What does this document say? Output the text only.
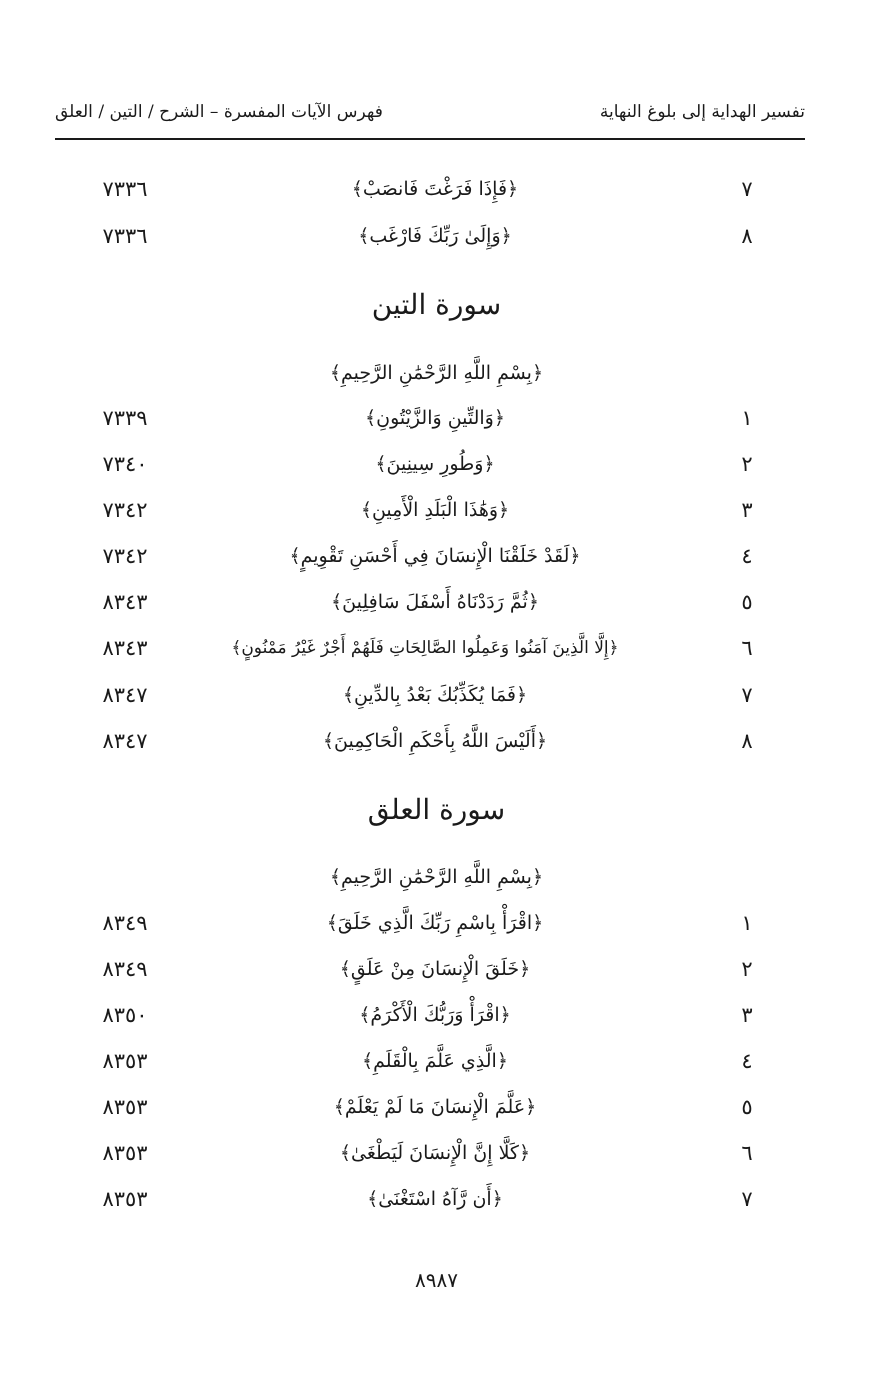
تفسير الهداية إلى بلوغ النهاية
فهرس الآيات المفسرة – الشرح / التين / العلق
٧
﴿فَإِذَا فَرَغْتَ فَانصَبْ﴾
٧٣٣٦
٨
﴿وَإِلَىٰ رَبِّكَ فَارْغَب﴾
٧٣٣٦
سورة التين
﴿بِسْمِ اللَّهِ الرَّحْمَٰنِ الرَّحِيمِ﴾
١
﴿وَالتِّينِ وَالزَّيْتُونِ﴾
٧٣٣٩
٢
﴿وَطُورِ سِينِينَ﴾
٧٣٤٠
٣
﴿وَهَٰذَا الْبَلَدِ الْأَمِينِ﴾
٧٣٤٢
٤
﴿لَقَدْ خَلَقْنَا الْإِنسَانَ فِي أَحْسَنِ تَقْوِيمٍ﴾
٧٣٤٢
٥
﴿ثُمَّ رَدَدْنَاهُ أَسْفَلَ سَافِلِينَ﴾
٨٣٤٣
٦
﴿إِلَّا الَّذِينَ آمَنُوا وَعَمِلُوا الصَّالِحَاتِ فَلَهُمْ أَجْرٌ غَيْرُ مَمْنُونٍ﴾
٨٣٤٣
٧
﴿فَمَا يُكَذِّبُكَ بَعْدُ بِالدِّينِ﴾
٨٣٤٧
٨
﴿أَلَيْسَ اللَّهُ بِأَحْكَمِ الْحَاكِمِينَ﴾
٨٣٤٧
سورة العلق
﴿بِسْمِ اللَّهِ الرَّحْمَٰنِ الرَّحِيمِ﴾
١
﴿اقْرَأْ بِاسْمِ رَبِّكَ الَّذِي خَلَقَ﴾
٨٣٤٩
٢
﴿خَلَقَ الْإِنسَانَ مِنْ عَلَقٍ﴾
٨٣٤٩
٣
﴿اقْرَأْ وَرَبُّكَ الْأَكْرَمُ﴾
٨٣٥٠
٤
﴿الَّذِي عَلَّمَ بِالْقَلَمِ﴾
٨٣٥٣
٥
﴿عَلَّمَ الْإِنسَانَ مَا لَمْ يَعْلَمْ﴾
٨٣٥٣
٦
﴿كَلَّا إِنَّ الْإِنسَانَ لَيَطْغَىٰ﴾
٨٣٥٣
٧
﴿أَن رَّآهُ اسْتَغْنَىٰ﴾
٨٣٥٣
٨٩٨٧
